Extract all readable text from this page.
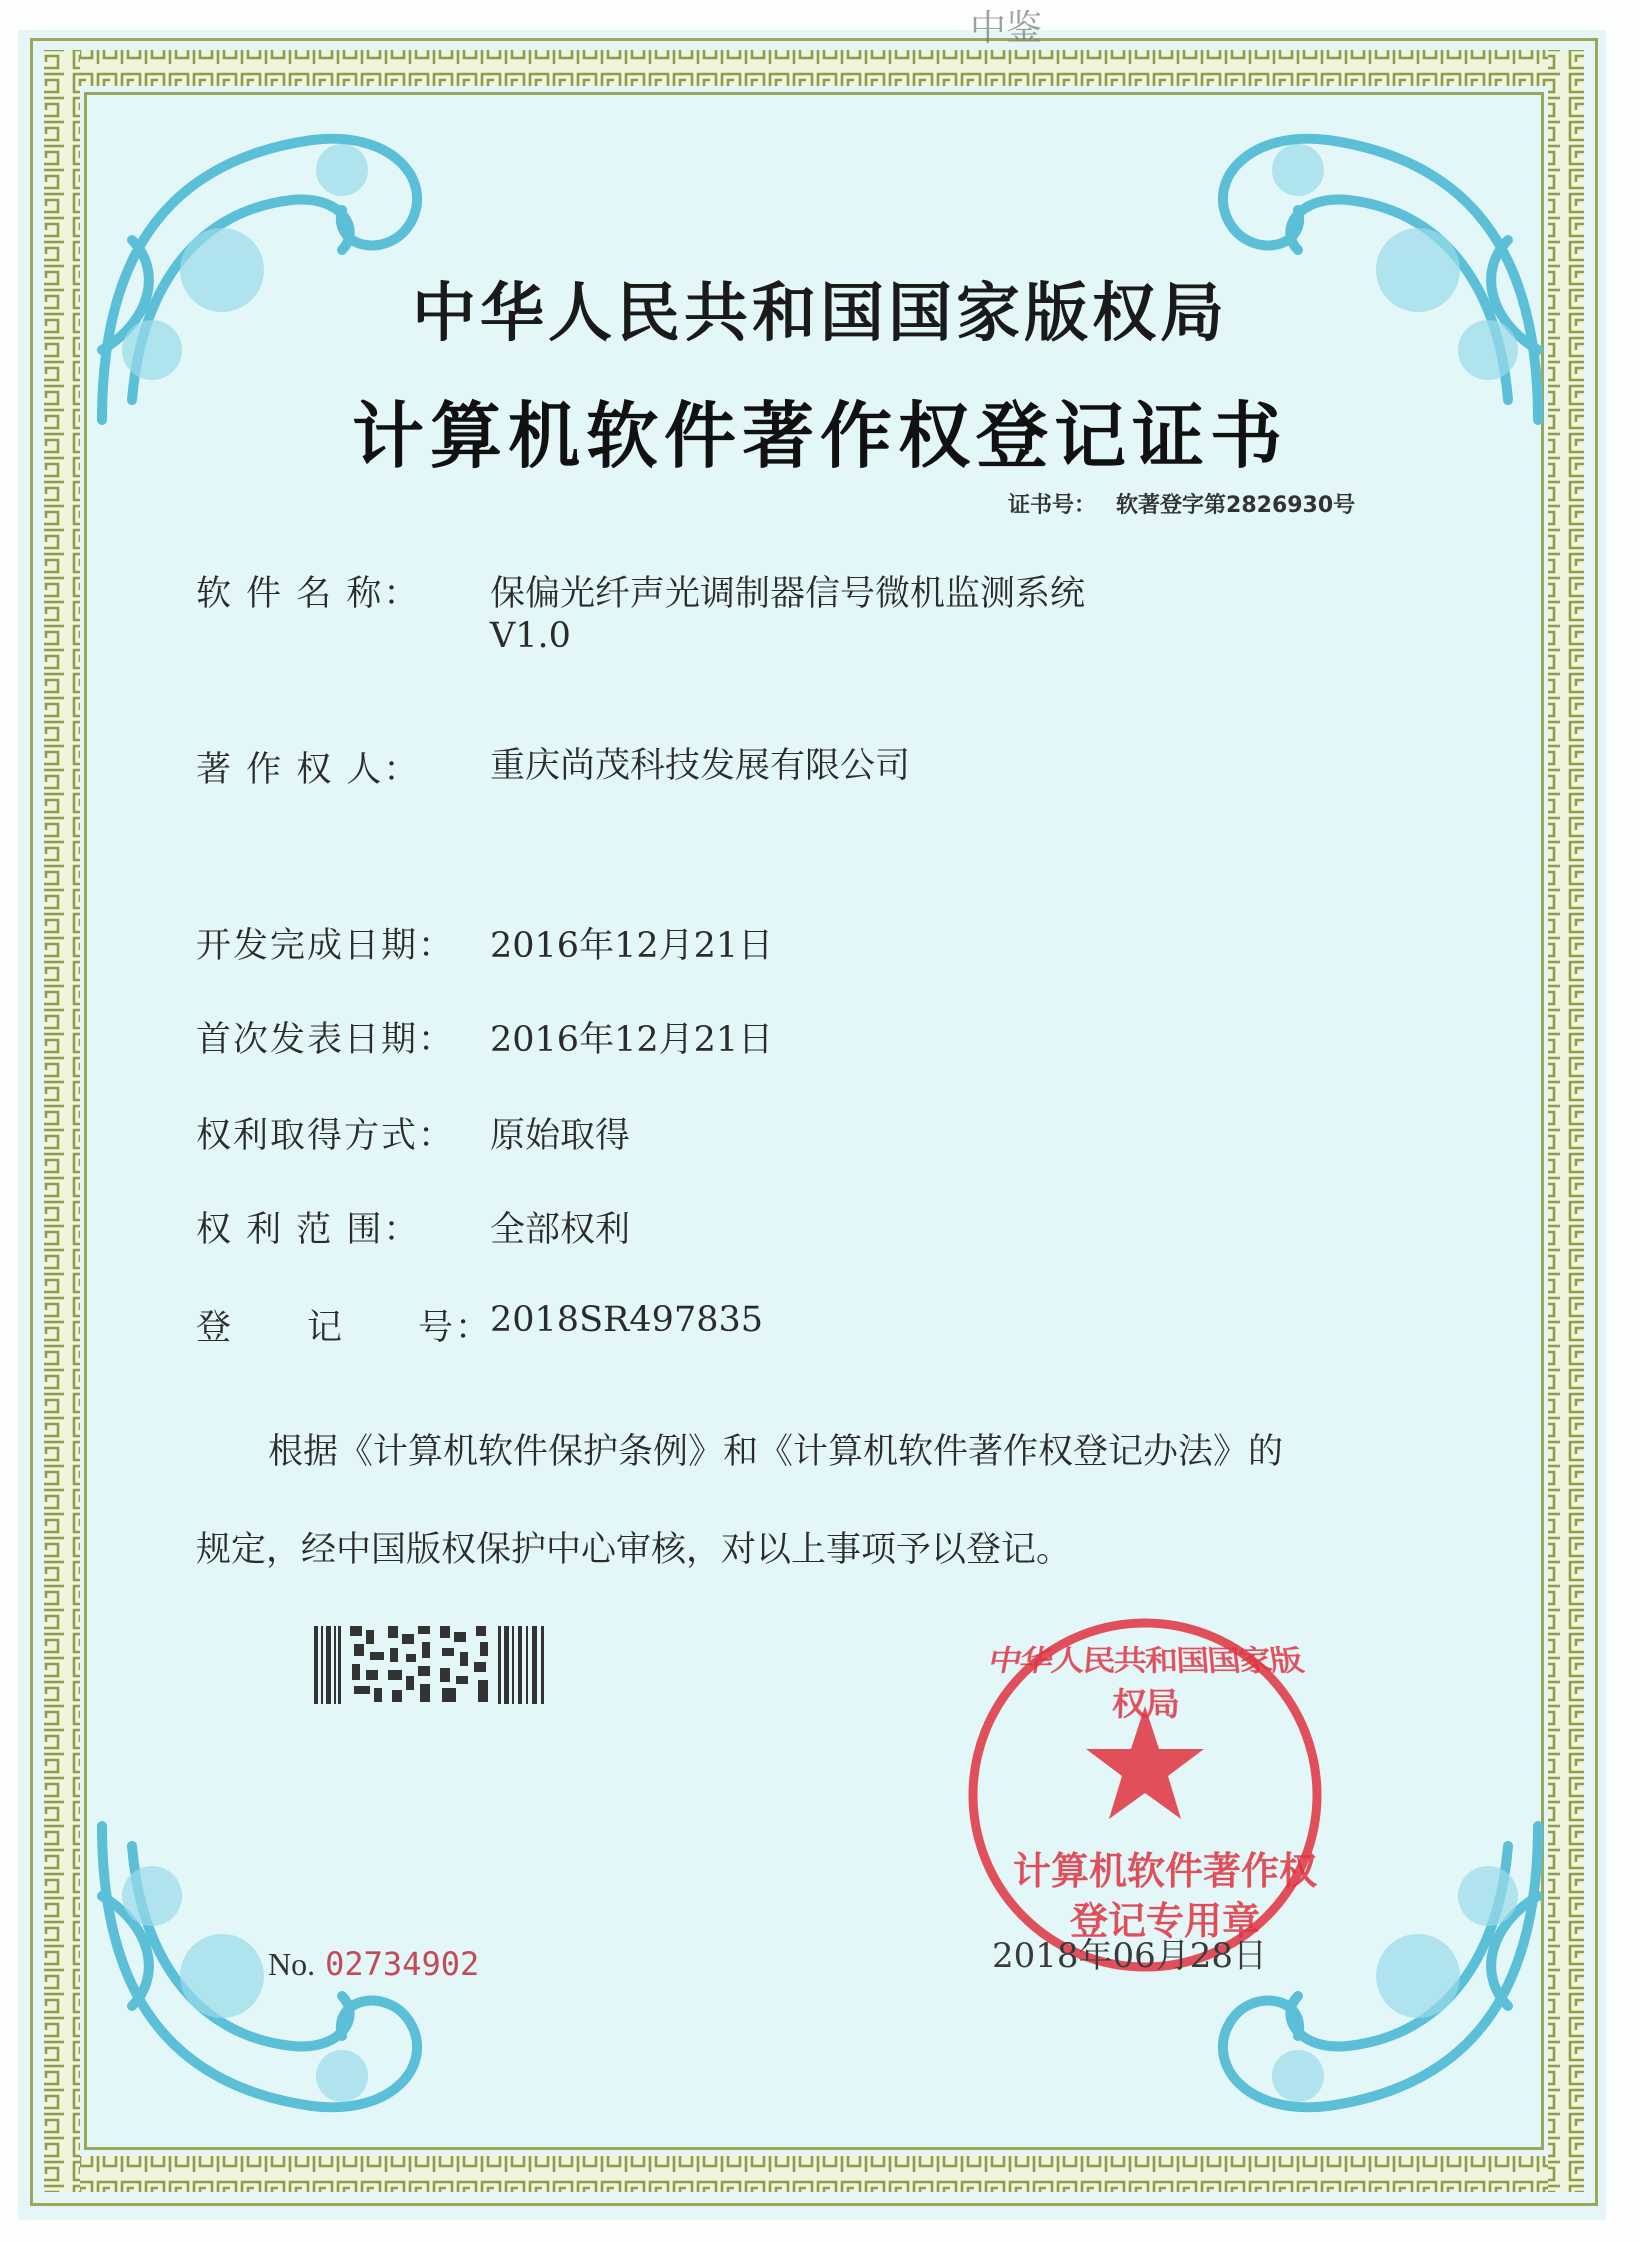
中鉴
中华人民共和国国家版权局
计算机软件著作权登记证书
证书号： 软著登字第2826930号
软 件 名 称： 保偏光纤声光调制器信号微机监测系统
V1.0
著 作 权 人： 重庆尚茂科技发展有限公司
开发完成日期： 2016年12月21日
首次发表日期： 2016年12月21日
权利取得方式： 原始取得
权 利 范 围： 全部权利
登　　记　　号：
2018SR497835
根据《计算机软件保护条例》和《计算机软件著作权登记办法》的
规定，经中国版权保护中心审核，对以上事项予以登记。
中华人民共和国国家版权局
计算机软件著作权
登记专用章
2018年06月28日
No. 02734902
